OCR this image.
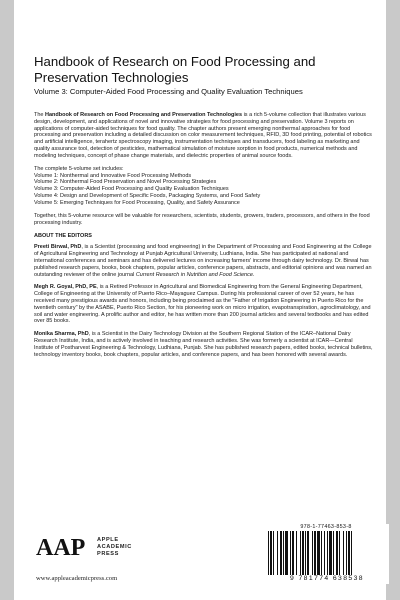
Handbook of Research on Food Processing and Preservation Technologies
Volume 3: Computer-Aided Food Processing and Quality Evaluation Techniques

The Handbook of Research on Food Processing and Preservation Technologies is a rich 5-volume collection that illustrates various design, development, and applications of novel and innovative strategies for food processing and preservation. Volume 3 reports on applications of computer-aided techniques for food quality. The chapter authors present emerging nonthermal approaches for food processing and preservation including a detailed discussion on color measurement techniques, RFID, 3D food printing, potential of robotics and artificial intelligence, terahertz spectroscopy imaging, instrumentation techniques and transducers, food labeling as marketing and quality assurance tool, detection of pesticides, mathematical simulation of moisture sorption in food products, numerical methods and modeling techniques, concept of phase change materials, and dielectric properties of animal source foods.

The complete 5-volume set includes:

Volume 1: Nonthermal and Innovative Food Processing Methods

Volume 2: Nonthermal Food Preservation and Novel Processing Strategies

Volume 3: Computer-Aided Food Processing and Quality Evaluation Techniques

Volume 4: Design and Development of Specific Foods, Packaging Systems, and Food Safety

Volume 5: Emerging Techniques for Food Processing, Quality, and Safety Assurance

Together, this 5-volume resource will be valuable for researchers, scientists, students, growers, traders, processors, and others in the food processing industry.

ABOUT THE EDITORS

Preeti Birwal, PhD, is a Scientist (processing and food engineering) in the Department of Processing and Food Engineering at the College of Agricultural Engineering and Technology at Punjab Agricultural University, Ludhiana, India. She has participated at national and international conferences and seminars and has delivered lectures on increasing farmers' income through dairy technology. Dr. Birwal has published research papers, books, book chapters, popular articles, conference papers, abstracts, and editorial opinions and was named an outstanding reviewer of the online journal Current Research in Nutrition and Food Science.

Megh R. Goyal, PhD, PE, is a Retired Professor in Agricultural and Biomedical Engineering from the General Engineering Department, College of Engineering at the University of Puerto Rico–Mayaguez Campus. During his professional career of over 52 years, he has received many prestigious awards and honors, including being proclaimed as the "Father of Irrigation Engineering in Puerto Rico for the twentieth century" by the ASABE, Puerto Rico Section, for his pioneering work on micro irrigation, evapotranspiration, agroclimatology, and soil and water engineering. A prolific author and editor, he has written more than 200 journal articles and several textbooks and has edited over 85 books.

Monika Sharma, PhD, is a Scientist in the Dairy Technology Division at the Southern Regional Station of the ICAR–National Dairy Research Institute, India, and is actively involved in teaching and research activities. She was formerly a scientist at ICAR—Central Institute of Postharvest Engineering & Technology, Ludhiana, Punjab. She has published research papers, edited books, technical bulletins, technology inventory books, book chapters, popular articles, and conference papers, and has been honored with several awards.

AAP APPLE
ACADEMIC
PRESS
www.appleacademicpress.com
978-1-77463-853-8
9 781774 638538
